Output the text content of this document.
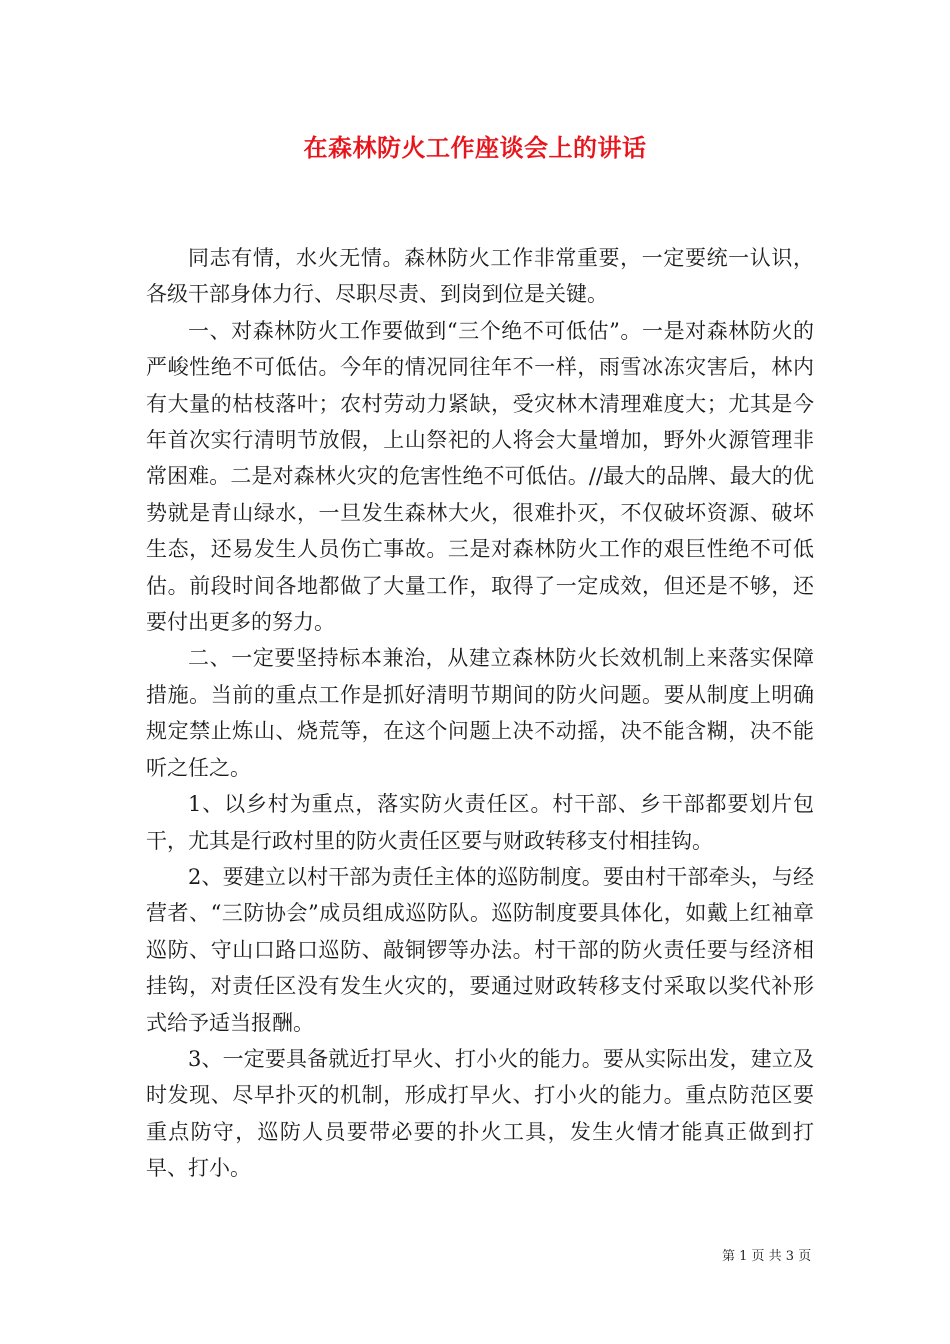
在森林防火工作座谈会上的讲话

同志有情，水火无情。森林防火工作非常重要，一定要统一认识，各级干部身体力行、尽职尽责、到岗到位是关键。

一、对森林防火工作要做到“三个绝不可低估”。一是对森林防火的严峻性绝不可低估。今年的情况同往年不一样，雨雪冰冻灾害后，林内有大量的枯枝落叶；农村劳动力紧缺，受灾林木清理难度大；尤其是今年首次实行清明节放假，上山祭祀的人将会大量增加，野外火源管理非常困难。二是对森林火灾的危害性绝不可低估。//最大的品牌、最大的优势就是青山绿水，一旦发生森林大火，很难扑灭，不仅破坏资源、破坏生态，还易发生人员伤亡事故。三是对森林防火工作的艰巨性绝不可低估。前段时间各地都做了大量工作，取得了一定成效，但还是不够，还要付出更多的努力。

二、一定要坚持标本兼治，从建立森林防火长效机制上来落实保障措施。当前的重点工作是抓好清明节期间的防火问题。要从制度上明确规定禁止炼山、烧荒等，在这个问题上决不动摇，决不能含糊，决不能听之任之。

1、以乡村为重点，落实防火责任区。村干部、乡干部都要划片包干，尤其是行政村里的防火责任区要与财政转移支付相挂钩。

2、要建立以村干部为责任主体的巡防制度。要由村干部牵头，与经营者、“三防协会”成员组成巡防队。巡防制度要具体化，如戴上红袖章巡防、守山口路口巡防、敲铜锣等办法。村干部的防火责任要与经济相挂钩，对责任区没有发生火灾的，要通过财政转移支付采取以奖代补形式给予适当报酬。

3、一定要具备就近打早火、打小火的能力。要从实际出发，建立及时发现、尽早扑灭的机制，形成打早火、打小火的能力。重点防范区要重点防守，巡防人员要带必要的扑火工具，发生火情才能真正做到打早、打小。

第 1 页 共 3 页
